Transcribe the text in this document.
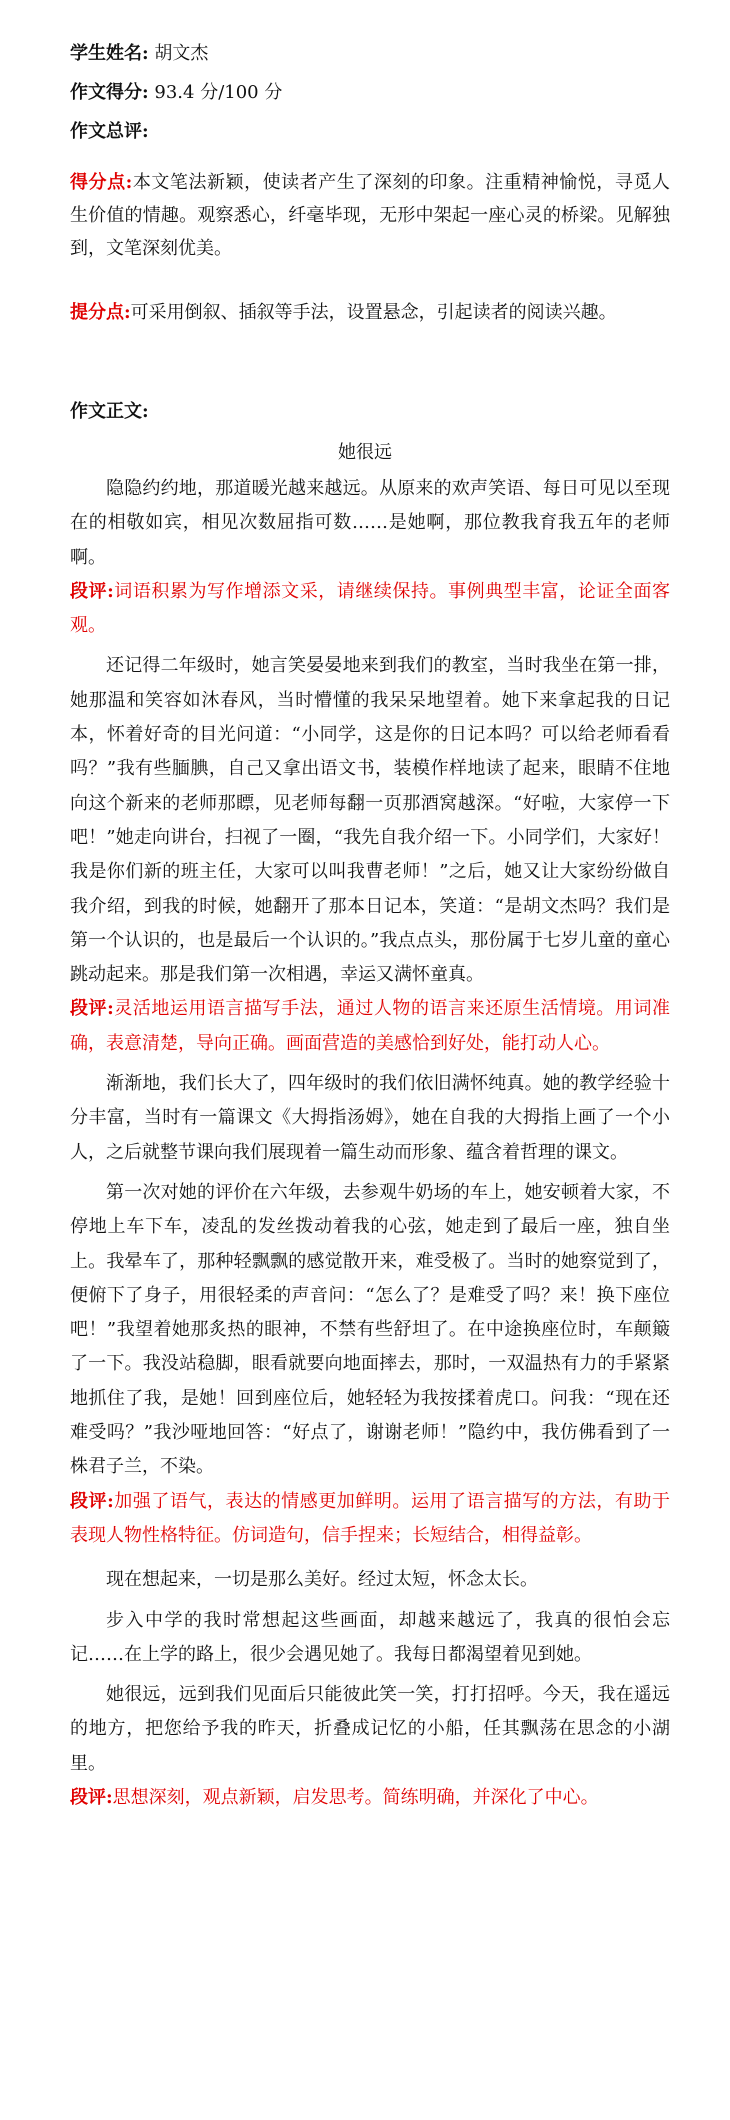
学生姓名: 胡文杰
作文得分: 93.4 分/100 分
作文总评:
得分点:本文笔法新颖，使读者产生了深刻的印象。注重精神愉悦，寻觅人生价值的情趣。观察悉心，纤毫毕现，无形中架起一座心灵的桥梁。见解独到，文笔深刻优美。
提分点:可采用倒叙、插叙等手法，设置悬念，引起读者的阅读兴趣。
作文正文:
她很远

隐隐约约地，那道暖光越来越远。从原来的欢声笑语、每日可见以至现在的相敬如宾，相见次数屈指可数……是她啊，那位教我育我五年的老师啊。

段评:词语积累为写作增添文采，请继续保持。事例典型丰富，论证全面客观。

还记得二年级时，她言笑晏晏地来到我们的教室，当时我坐在第一排，她那温和笑容如沐春风，当时懵懂的我呆呆地望着。她下来拿起我的日记本，怀着好奇的目光问道：“小同学，这是你的日记本吗？可以给老师看看吗？”我有些腼腆，自己又拿出语文书，装模作样地读了起来，眼睛不住地向这个新来的老师那瞟，见老师每翻一页那酒窝越深。“好啦，大家停一下吧！”她走向讲台，扫视了一圈，“我先自我介绍一下。小同学们，大家好！我是你们新的班主任，大家可以叫我曹老师！”之后，她又让大家纷纷做自我介绍，到我的时候，她翻开了那本日记本，笑道：“是胡文杰吗？我们是第一个认识的，也是最后一个认识的。”我点点头，那份属于七岁儿童的童心跳动起来。那是我们第一次相遇，幸运又满怀童真。

段评:灵活地运用语言描写手法，通过人物的语言来还原生活情境。用词准确，表意清楚，导向正确。画面营造的美感恰到好处，能打动人心。

渐渐地，我们长大了，四年级时的我们依旧满怀纯真。她的教学经验十分丰富，当时有一篇课文《大拇指汤姆》，她在自我的大拇指上画了一个小人，之后就整节课向我们展现着一篇生动而形象、蕴含着哲理的课文。

第一次对她的评价在六年级，去参观牛奶场的车上，她安顿着大家，不停地上车下车，凌乱的发丝拨动着我的心弦，她走到了最后一座，独自坐上。我晕车了，那种轻飘飘的感觉散开来，难受极了。当时的她察觉到了，便俯下了身子，用很轻柔的声音问：“怎么了？是难受了吗？来！换下座位吧！”我望着她那炙热的眼神，不禁有些舒坦了。在中途换座位时，车颠簸了一下。我没站稳脚，眼看就要向地面摔去，那时，一双温热有力的手紧紧地抓住了我，是她！回到座位后，她轻轻为我按揉着虎口。问我：“现在还难受吗？”我沙哑地回答：“好点了，谢谢老师！”隐约中，我仿佛看到了一株君子兰，不染。

段评:加强了语气，表达的情感更加鲜明。运用了语言描写的方法，有助于表现人物性格特征。仿词造句，信手捏来；长短结合，相得益彰。

现在想起来，一切是那么美好。经过太短，怀念太长。

步入中学的我时常想起这些画面，却越来越远了，我真的很怕会忘记……在上学的路上，很少会遇见她了。我每日都渴望着见到她。

她很远，远到我们见面后只能彼此笑一笑，打打招呼。今天，我在遥远的地方，把您给予我的昨天，折叠成记忆的小船，任其飘荡在思念的小湖里。

段评:思想深刻，观点新颖，启发思考。简练明确，并深化了中心。
